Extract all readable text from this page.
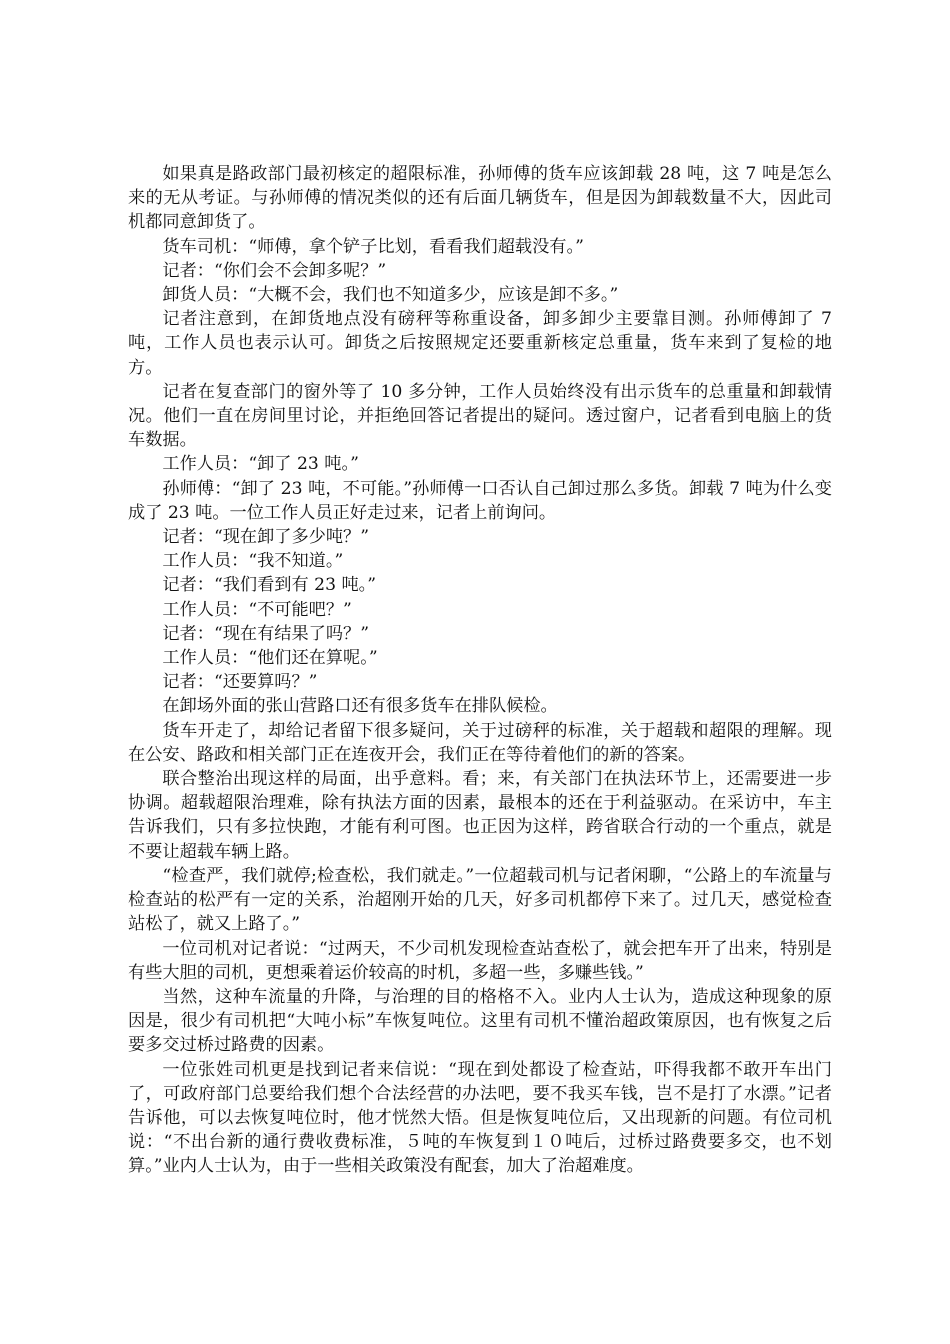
如果真是路政部门最初核定的超限标准，孙师傅的货车应该卸载 28 吨，这 7 吨是怎么来的无从考证。与孙师傅的情况类似的还有后面几辆货车，但是因为卸载数量不大，因此司机都同意卸货了。

货车司机：“师傅，拿个铲子比划，看看我们超载没有。”

记者：“你们会不会卸多呢？”

卸货人员：“大概不会，我们也不知道多少，应该是卸不多。”

记者注意到，在卸货地点没有磅秤等称重设备，卸多卸少主要靠目测。孙师傅卸了 7 吨，工作人员也表示认可。卸货之后按照规定还要重新核定总重量，货车来到了复检的地方。

记者在复查部门的窗外等了 10 多分钟，工作人员始终没有出示货车的总重量和卸载情况。他们一直在房间里讨论，并拒绝回答记者提出的疑问。透过窗户，记者看到电脑上的货车数据。

工作人员：“卸了 23 吨。”

孙师傅：“卸了 23 吨，不可能。”孙师傅一口否认自己卸过那么多货。卸载 7 吨为什么变成了 23 吨。一位工作人员正好走过来，记者上前询问。

记者：“现在卸了多少吨？”

工作人员：“我不知道。”

记者：“我们看到有 23 吨。”

工作人员：“不可能吧？”

记者：“现在有结果了吗？”

工作人员：“他们还在算呢。”

记者：“还要算吗？”

在卸场外面的张山营路口还有很多货车在排队候检。

货车开走了，却给记者留下很多疑问，关于过磅秤的标准，关于超载和超限的理解。现在公安、路政和相关部门正在连夜开会，我们正在等待着他们的新的答案。

联合整治出现这样的局面，出乎意料。看；来，有关部门在执法环节上，还需要进一步协调。超载超限治理难，除有执法方面的因素，最根本的还在于利益驱动。在采访中，车主告诉我们，只有多拉快跑，才能有利可图。也正因为这样，跨省联合行动的一个重点，就是不要让超载车辆上路。

“检查严，我们就停;检查松，我们就走。”一位超载司机与记者闲聊，“公路上的车流量与检查站的松严有一定的关系，治超刚开始的几天，好多司机都停下来了。过几天，感觉检查站松了，就又上路了。”

一位司机对记者说：“过两天，不少司机发现检查站查松了，就会把车开了出来，特别是有些大胆的司机，更想乘着运价较高的时机，多超一些，多赚些钱。”

当然，这种车流量的升降，与治理的目的格格不入。业内人士认为，造成这种现象的原因是，很少有司机把“大吨小标”车恢复吨位。这里有司机不懂治超政策原因，也有恢复之后要多交过桥过路费的因素。

一位张姓司机更是找到记者来信说：“现在到处都设了检查站，吓得我都不敢开车出门了，可政府部门总要给我们想个合法经营的办法吧，要不我买车钱，岂不是打了水漂。”记者告诉他，可以去恢复吨位时，他才恍然大悟。但是恢复吨位后，又出现新的问题。有位司机说：“不出台新的通行费收费标准，５吨的车恢复到１０吨后，过桥过路费要多交，也不划算。”业内人士认为，由于一些相关政策没有配套，加大了治超难度。
